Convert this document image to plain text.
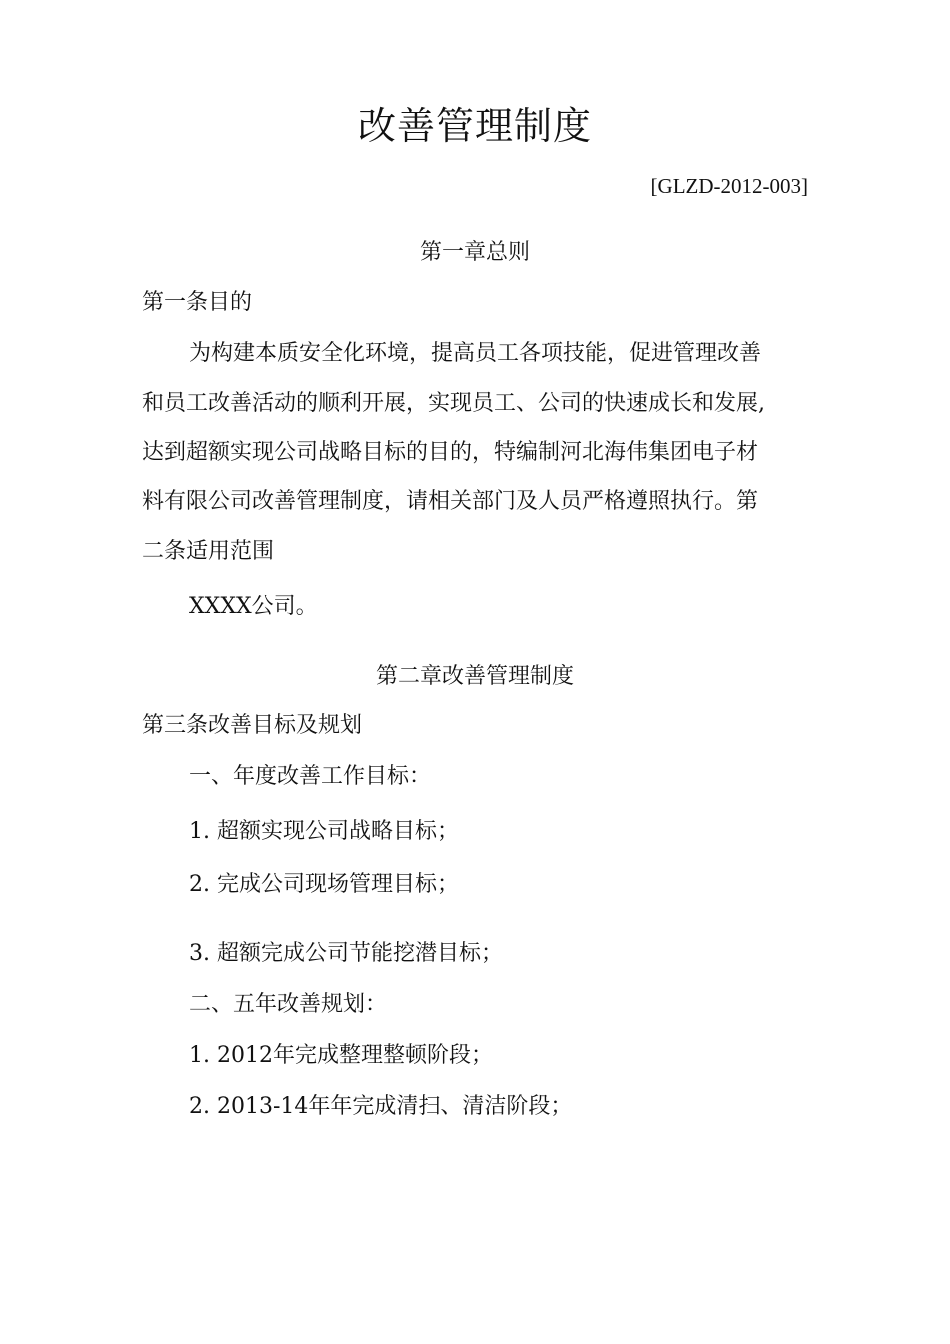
改善管理制度
[GLZD-2012-003]
第一章总则
第一条目的
为构建本质安全化环境，提高员工各项技能，促进管理改善
和员工改善活动的顺利开展，实现员工、公司的快速成长和发展,
达到超额实现公司战略目标的目的，特编制河北海伟集团电子材
料有限公司改善管理制度，请相关部门及人员严格遵照执行。第
二条适用范围
XXXX公司。
第二章改善管理制度
第三条改善目标及规划
一、年度改善工作目标：
1. 超额实现公司战略目标；
2. 完成公司现场管理目标；
3. 超额完成公司节能挖潜目标；
二、五年改善规划：
1. 2012年完成整理整顿阶段；
2. 2013-14年年完成清扫、清洁阶段；
